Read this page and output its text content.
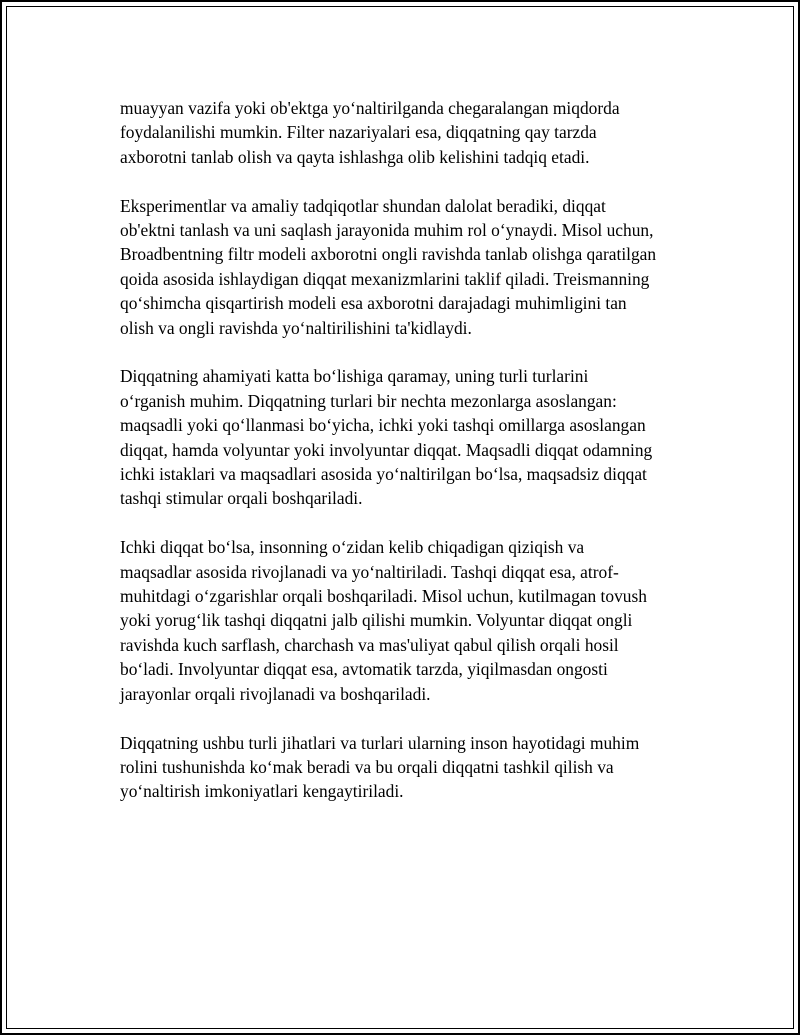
muayyan vazifa yoki ob'ektga yo‘naltirilganda chegaralangan miqdorda
foydalanilishi mumkin. Filter nazariyalari esa, diqqatning qay tarzda
axborotni tanlab olish va qayta ishlashga olib kelishini tadqiq etadi.

Eksperimentlar va amaliy tadqiqotlar shundan dalolat beradiki, diqqat
ob'ektni tanlash va uni saqlash jarayonida muhim rol o‘ynaydi. Misol uchun,
Broadbentning filtr modeli axborotni ongli ravishda tanlab olishga qaratilgan
qoida asosida ishlaydigan diqqat mexanizmlarini taklif qiladi. Treismanning
qo‘shimcha qisqartirish modeli esa axborotni darajadagi muhimligini tan
olish va ongli ravishda yo‘naltirilishini ta'kidlaydi.

Diqqatning ahamiyati katta bo‘lishiga qaramay, uning turli turlarini
o‘rganish muhim. Diqqatning turlari bir nechta mezonlarga asoslangan:
maqsadli yoki qo‘llanmasi bo‘yicha, ichki yoki tashqi omillarga asoslangan
diqqat, hamda volyuntar yoki involyuntar diqqat. Maqsadli diqqat odamning
ichki istaklari va maqsadlari asosida yo‘naltirilgan bo‘lsa, maqsadsiz diqqat
tashqi stimular orqali boshqariladi.

Ichki diqqat bo‘lsa, insonning o‘zidan kelib chiqadigan qiziqish va
maqsadlar asosida rivojlanadi va yo‘naltiriladi. Tashqi diqqat esa, atrof-
muhitdagi o‘zgarishlar orqali boshqariladi. Misol uchun, kutilmagan tovush
yoki yorug‘lik tashqi diqqatni jalb qilishi mumkin. Volyuntar diqqat ongli
ravishda kuch sarflash, charchash va mas'uliyat qabul qilish orqali hosil
bo‘ladi. Involyuntar diqqat esa, avtomatik tarzda, yiqilmasdan ongosti
jarayonlar orqali rivojlanadi va boshqariladi.

Diqqatning ushbu turli jihatlari va turlari ularning inson hayotidagi muhim
rolini tushunishda ko‘mak beradi va bu orqali diqqatni tashkil qilish va
yo‘naltirish imkoniyatlari kengaytiriladi.
